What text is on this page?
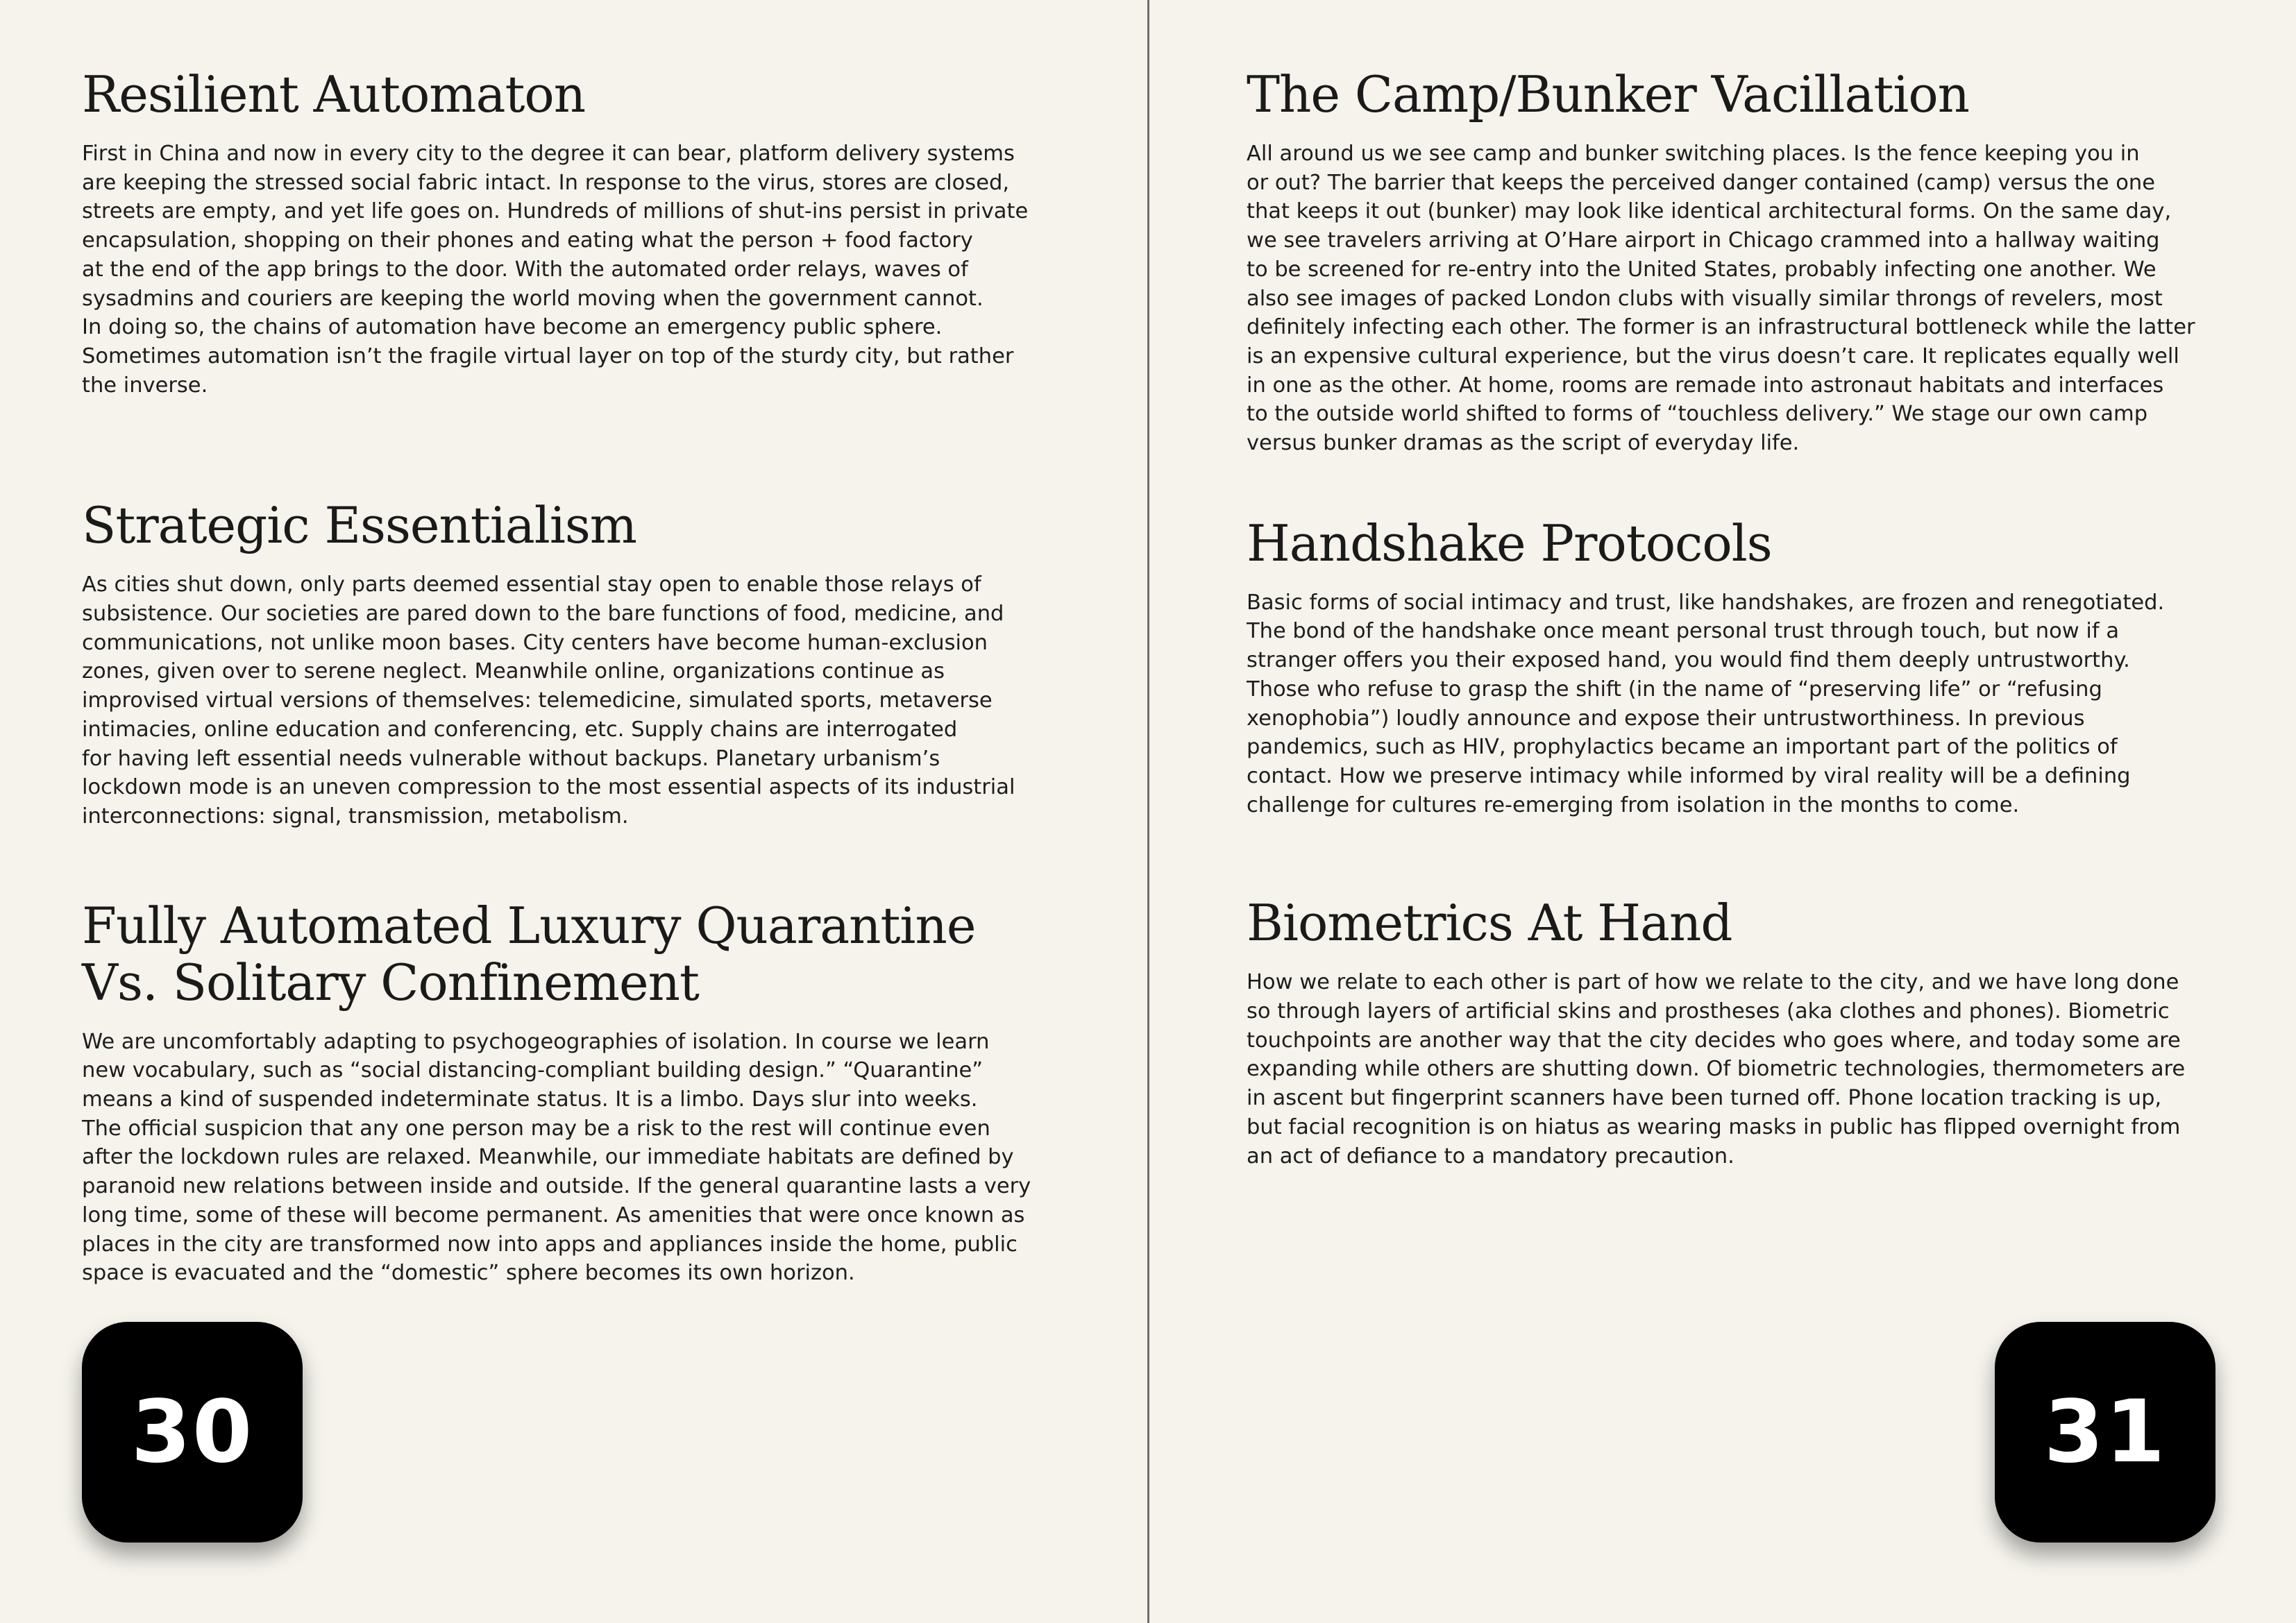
Resilient Automaton

First in China and now in every city to the degree it can bear, platform delivery systems
are keeping the stressed social fabric intact. In response to the virus, stores are closed,
streets are empty, and yet life goes on. Hundreds of millions of shut-ins persist in private
encapsulation, shopping on their phones and eating what the person + food factory
at the end of the app brings to the door. With the automated order relays, waves of
sysadmins and couriers are keeping the world moving when the government cannot.
In doing so, the chains of automation have become an emergency public sphere.
Sometimes automation isn’t the fragile virtual layer on top of the sturdy city, but rather
the inverse.

Strategic Essentialism

As cities shut down, only parts deemed essential stay open to enable those relays of
subsistence. Our societies are pared down to the bare functions of food, medicine, and
communications, not unlike moon bases. City centers have become human-exclusion
zones, given over to serene neglect. Meanwhile online, organizations continue as
improvised virtual versions of themselves: telemedicine, simulated sports, metaverse
intimacies, online education and conferencing, etc. Supply chains are interrogated
for having left essential needs vulnerable without backups. Planetary urbanism’s
lockdown mode is an uneven compression to the most essential aspects of its industrial
interconnections: signal, transmission, metabolism.

Fully Automated Luxury Quarantine
Vs. Solitary Confinement

We are uncomfortably adapting to psychogeographies of isolation. In course we learn
new vocabulary, such as “social distancing-compliant building design.” “Quarantine”
means a kind of suspended indeterminate status. It is a limbo. Days slur into weeks.
The official suspicion that any one person may be a risk to the rest will continue even
after the lockdown rules are relaxed. Meanwhile, our immediate habitats are defined by
paranoid new relations between inside and outside. If the general quarantine lasts a very
long time, some of these will become permanent. As amenities that were once known as
places in the city are transformed now into apps and appliances inside the home, public
space is evacuated and the “domestic” sphere becomes its own horizon.

30
The Camp/Bunker Vacillation

All around us we see camp and bunker switching places. Is the fence keeping you in
or out? The barrier that keeps the perceived danger contained (camp) versus the one
that keeps it out (bunker) may look like identical architectural forms. On the same day,
we see travelers arriving at O’Hare airport in Chicago crammed into a hallway waiting
to be screened for re-entry into the United States, probably infecting one another. We
also see images of packed London clubs with visually similar throngs of revelers, most
definitely infecting each other. The former is an infrastructural bottleneck while the latter
is an expensive cultural experience, but the virus doesn’t care. It replicates equally well
in one as the other. At home, rooms are remade into astronaut habitats and interfaces
to the outside world shifted to forms of “touchless delivery.” We stage our own camp
versus bunker dramas as the script of everyday life.

Handshake Protocols

Basic forms of social intimacy and trust, like handshakes, are frozen and renegotiated.
The bond of the handshake once meant personal trust through touch, but now if a
stranger offers you their exposed hand, you would find them deeply untrustworthy.
Those who refuse to grasp the shift (in the name of “preserving life” or “refusing
xenophobia”) loudly announce and expose their untrustworthiness. In previous
pandemics, such as HIV, prophylactics became an important part of the politics of
contact. How we preserve intimacy while informed by viral reality will be a defining
challenge for cultures re-emerging from isolation in the months to come.

Biometrics At Hand

How we relate to each other is part of how we relate to the city, and we have long done
so through layers of artificial skins and prostheses (aka clothes and phones). Biometric
touchpoints are another way that the city decides who goes where, and today some are
expanding while others are shutting down. Of biometric technologies, thermometers are
in ascent but fingerprint scanners have been turned off. Phone location tracking is up,
but facial recognition is on hiatus as wearing masks in public has flipped overnight from
an act of defiance to a mandatory precaution.

31
